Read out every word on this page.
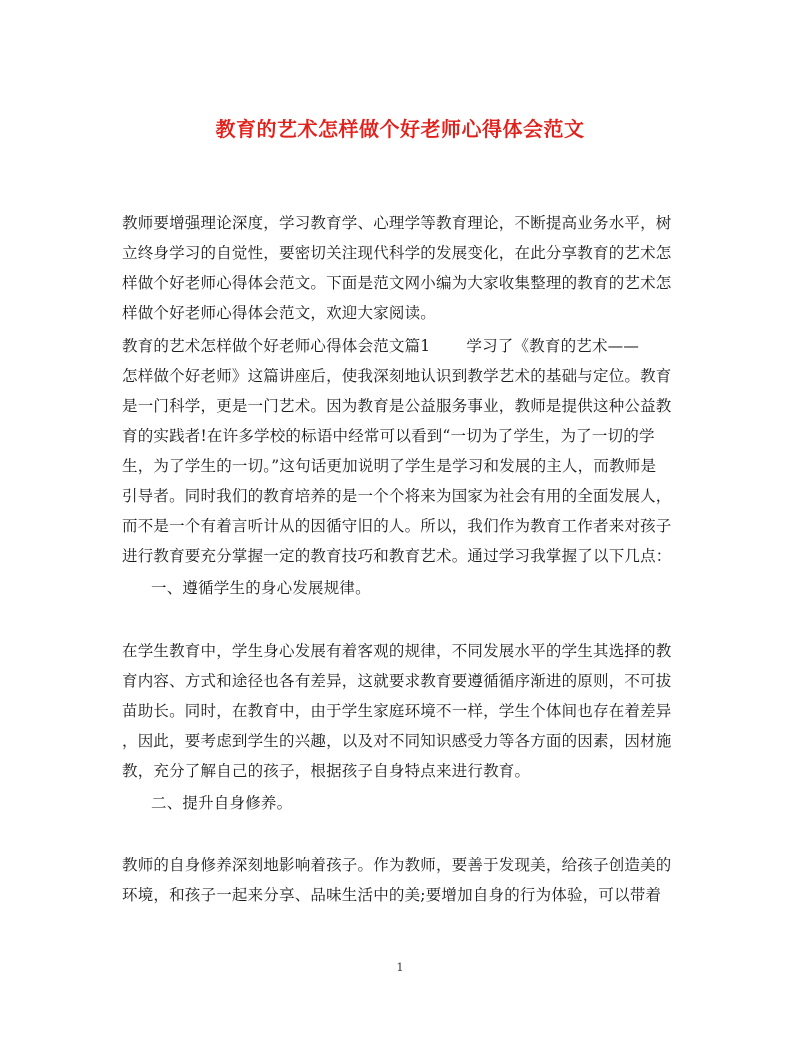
教育的艺术怎样做个好老师心得体会范文
教师要增强理论深度，学习教育学、心理学等教育理论，不断提高业务水平，树
立终身学习的自觉性，要密切关注现代科学的发展变化，在此分享教育的艺术怎
样做个好老师心得体会范文。下面是范文网小编为大家收集整理的教育的艺术怎
样做个好老师心得体会范文，欢迎大家阅读。
教育的艺术怎样做个好老师心得体会范文篇1 学习了《教育的艺术——
怎样做个好老师》这篇讲座后，使我深刻地认识到教学艺术的基础与定位。教育
是一门科学，更是一门艺术。因为教育是公益服务事业，教师是提供这种公益教
育的实践者!在许多学校的标语中经常可以看到“一切为了学生，为了一切的学
生，为了学生的一切。”这句话更加说明了学生是学习和发展的主人，而教师是
引导者。同时我们的教育培养的是一个个将来为国家为社会有用的全面发展人，
而不是一个有着言听计从的因循守旧的人。所以，我们作为教育工作者来对孩子
进行教育要充分掌握一定的教育技巧和教育艺术。通过学习我掌握了以下几点：
一、遵循学生的身心发展规律。
在学生教育中，学生身心发展有着客观的规律，不同发展水平的学生其选择的教
育内容、方式和途径也各有差异，这就要求教育要遵循循序渐进的原则，不可拔
苗助长。同时，在教育中，由于学生家庭环境不一样，学生个体间也存在着差异
，因此，要考虑到学生的兴趣，以及对不同知识感受力等各方面的因素，因材施
教，充分了解自己的孩子，根据孩子自身特点来进行教育。
二、提升自身修养。
教师的自身修养深刻地影响着孩子。作为教师，要善于发现美，给孩子创造美的
环境，和孩子一起来分享、品味生活中的美;要增加自身的行为体验，可以带着
1
